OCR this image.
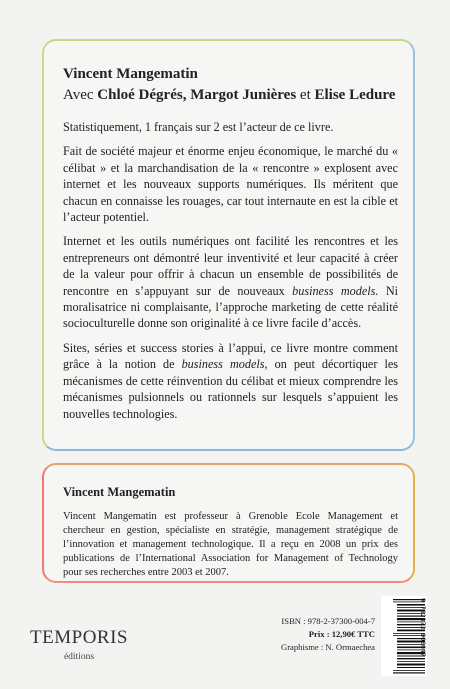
Vincent Mangematin

Avec Chloé Dégrés, Margot Junières et Elise Ledure

Statistiquement, 1 français sur 2 est l’acteur de ce livre.

Fait de société majeur et énorme enjeu économique, le marché du « célibat » et la marchandisation de la « rencontre » explosent avec internet et les nouveaux supports numériques. Ils méritent que chacun en connaisse les rouages, car tout internaute en est la cible et l’acteur potentiel.

Internet et les outils numériques ont facilité les rencontres et les entrepreneurs ont démontré leur inventivité et leur capacité à créer de la valeur pour offrir à chacun un ensemble de possibilités de rencontre en s’appuyant sur de nouveaux business models. Ni moralisatrice ni complaisante, l’approche marketing de cette réalité socioculturelle donne son originalité à ce livre facile d’accès.

Sites, séries et success stories à l’appui, ce livre montre comment grâce à la notion de business models, on peut décortiquer les mécanismes de cette réinvention du célibat et mieux comprendre les mécanismes pulsionnels ou rationnels sur lesquels s’appuient les nouvelles technologies.

Vincent Mangematin

Vincent Mangematin est professeur à Grenoble Ecole Management et chercheur en gestion, spécialiste en stratégie, management stratégique de l’innovation et management technologique. Il a reçu en 2008 un prix des publications de l’International Association for Management of Technology pour ses recherches entre 2003 et 2007.

TEMPORIS
éditions
ISBN : 978-2-37300-004-7
Prix : 12,90€ TTC
Graphisme : N. Ormaechea	9 782373 000047
